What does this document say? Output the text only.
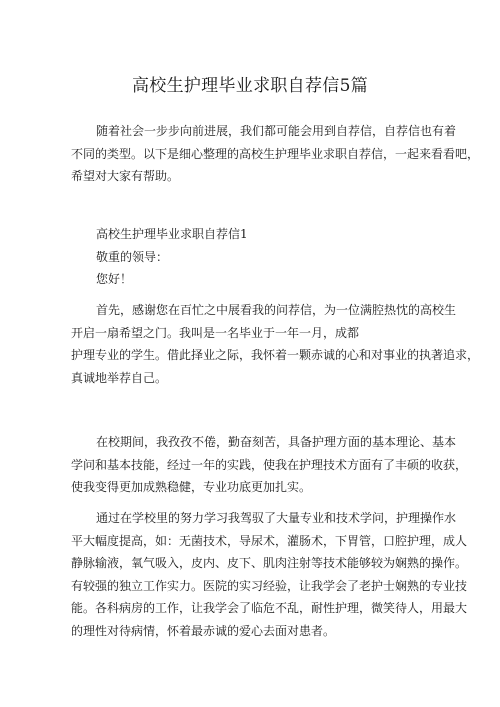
高校生护理毕业求职自荐信5篇
随着社会一步步向前进展，我们都可能会用到自荐信，自荐信也有着
不同的类型。以下是细心整理的高校生护理毕业求职自荐信，一起来看看吧，
希望对大家有帮助。
高校生护理毕业求职自荐信1
敬重的领导：
您好！
首先，感谢您在百忙之中展看我的问荐信，为一位满腔热忱的高校生
开启一扇希望之门。我叫是一名毕业于一年一月，成都
护理专业的学生。借此择业之际，我怀着一颗赤诚的心和对事业的执著追求，
真诚地举荐自己。
在校期间，我孜孜不倦，勤奋刻苦，具备护理方面的基本理论、基本
学问和基本技能，经过一年的实践，使我在护理技术方面有了丰硕的收获，
使我变得更加成熟稳健，专业功底更加扎实。
通过在学校里的努力学习我驾驭了大量专业和技术学问，护理操作水
平大幅度提高，如：无菌技术，导尿术，灌肠术，下胃管，口腔护理，成人
静脉输液，氧气吸入，皮内、皮下、肌肉注射等技术能够较为娴熟的操作。
有较强的独立工作实力。医院的实习经验，让我学会了老护士娴熟的专业技
能。各科病房的工作，让我学会了临危不乱，耐性护理，微笑待人，用最大
的理性对待病情，怀着最赤诚的爱心去面对患者。
